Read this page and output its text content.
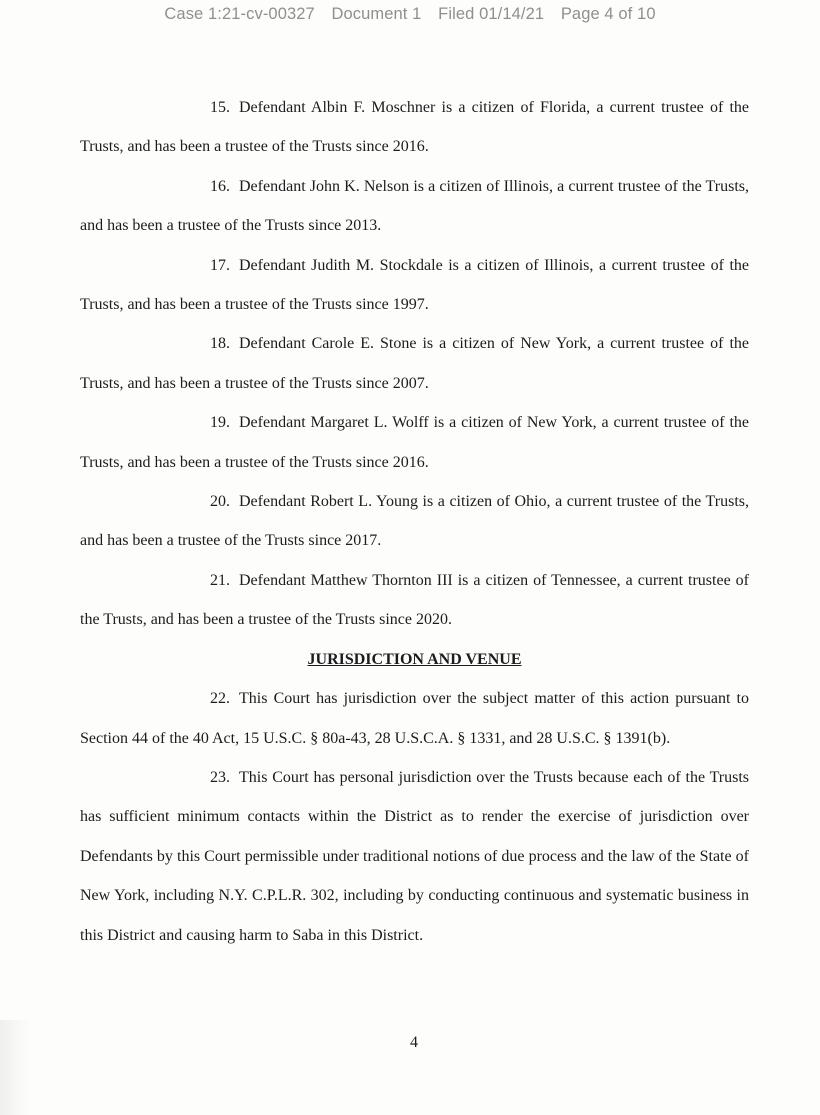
Case 1:21-cv-00327 Document 1 Filed 01/14/21 Page 4 of 10

15. Defendant Albin F. Moschner is a citizen of Florida, a current trustee of the Trusts, and has been a trustee of the Trusts since 2016.

16. Defendant John K. Nelson is a citizen of Illinois, a current trustee of the Trusts, and has been a trustee of the Trusts since 2013.

17. Defendant Judith M. Stockdale is a citizen of Illinois, a current trustee of the Trusts, and has been a trustee of the Trusts since 1997.

18. Defendant Carole E. Stone is a citizen of New York, a current trustee of the Trusts, and has been a trustee of the Trusts since 2007.

19. Defendant Margaret L. Wolff is a citizen of New York, a current trustee of the Trusts, and has been a trustee of the Trusts since 2016.

20. Defendant Robert L. Young is a citizen of Ohio, a current trustee of the Trusts, and has been a trustee of the Trusts since 2017.

21. Defendant Matthew Thornton III is a citizen of Tennessee, a current trustee of the Trusts, and has been a trustee of the Trusts since 2020.

JURISDICTION AND VENUE

22. This Court has jurisdiction over the subject matter of this action pursuant to Section 44 of the 40 Act, 15 U.S.C. § 80a-43, 28 U.S.C.A. § 1331, and 28 U.S.C. § 1391(b).

23. This Court has personal jurisdiction over the Trusts because each of the Trusts has sufficient minimum contacts within the District as to render the exercise of jurisdiction over Defendants by this Court permissible under traditional notions of due process and the law of the State of New York, including N.Y. C.P.L.R. 302, including by conducting continuous and systematic business in this District and causing harm to Saba in this District.

4
